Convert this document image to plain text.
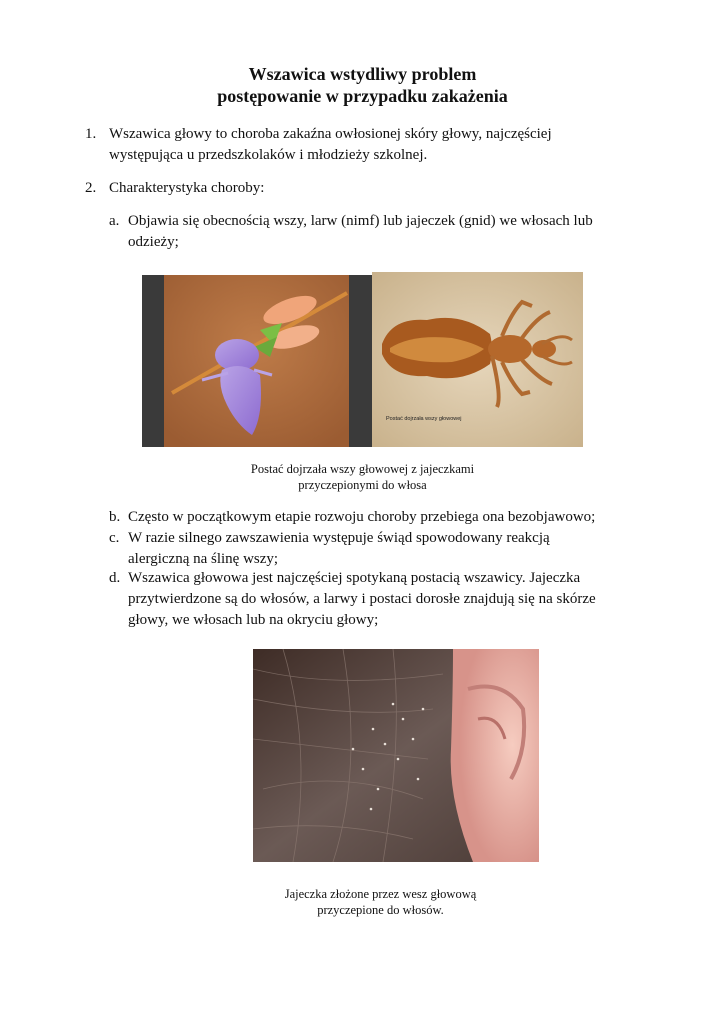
Wszawica wstydliwy problem
postępowanie w przypadku zakażenia
1. Wszawica głowy to choroba zakaźna owłosionej skóry głowy, najczęściej
występująca u przedszkolaków i młodzieży szkolnej.
2. Charakterystyka choroby:
a. Objawia się obecnością wszy, larw (nimf) lub jajeczek (gnid) we włosach lub
odzieży;
Postać dojrzała wszy głowowej
Postać dojrzała wszy głowowej z jajeczkami
przyczepionymi do włosa
b. Często w początkowym etapie rozwoju choroby przebiega ona bezobjawowo;
c. W razie silnego zawszawienia występuje świąd spowodowany reakcją
alergiczną na ślinę wszy;
d. Wszawica głowowa jest najczęściej spotykaną postacią wszawicy. Jajeczka
przytwierdzone są do włosów, a larwy i postaci dorosłe znajdują się na skórze
głowy, we włosach lub na okryciu głowy;
Jajeczka złożone przez wesz głowową
przyczepione do włosów.
